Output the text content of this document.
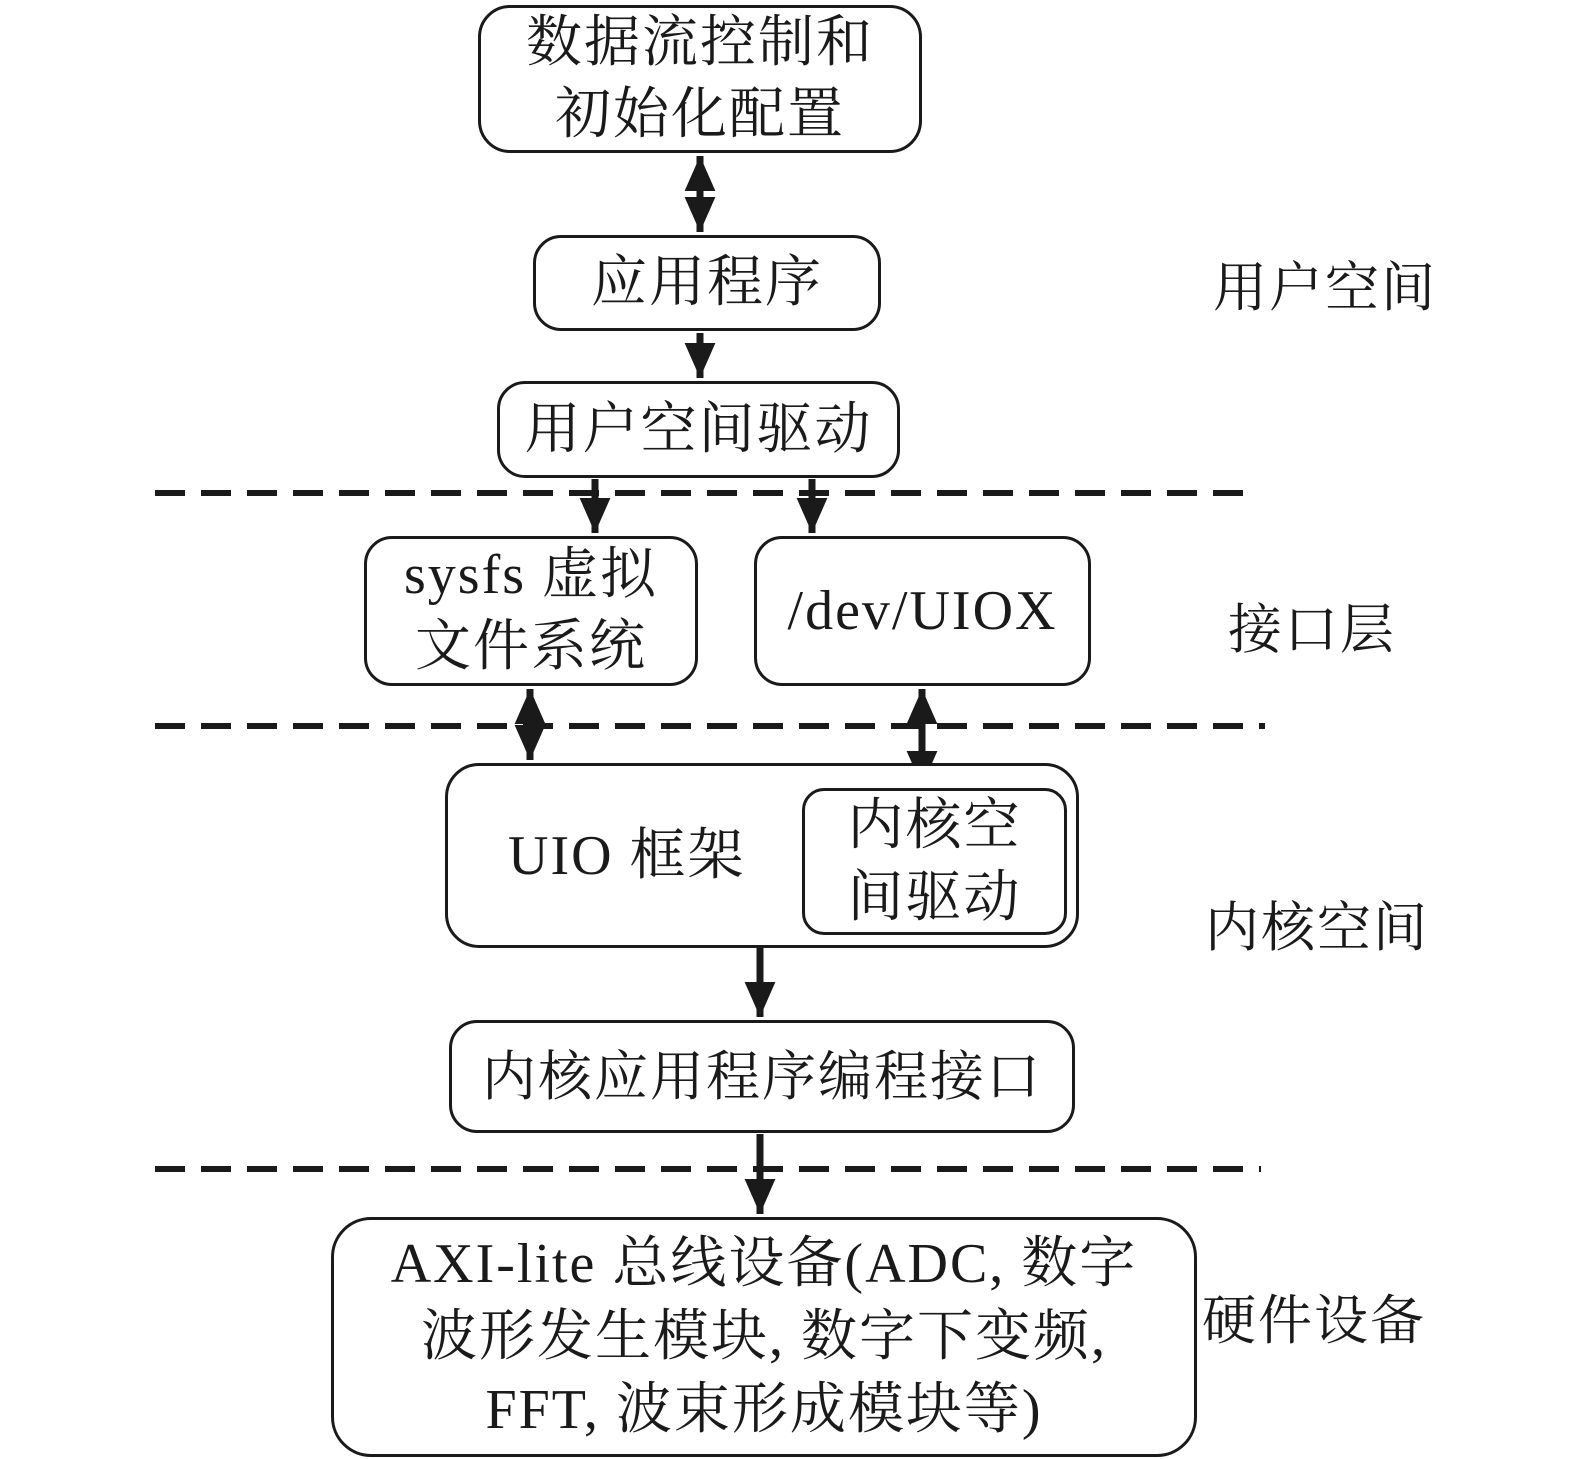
数据流控制和
初始化配置
应用程序
用户空间驱动
sysfs 虚拟
文件系统
/dev/UIOX
UIO 框架 内核空
间驱动
内核应用程序编程接口
AXI-lite 总线设备(ADC, 数字
波形发生模块, 数字下变频,
FFT, 波束形成模块等)
用户空间
接口层
内核空间
硬件设备
